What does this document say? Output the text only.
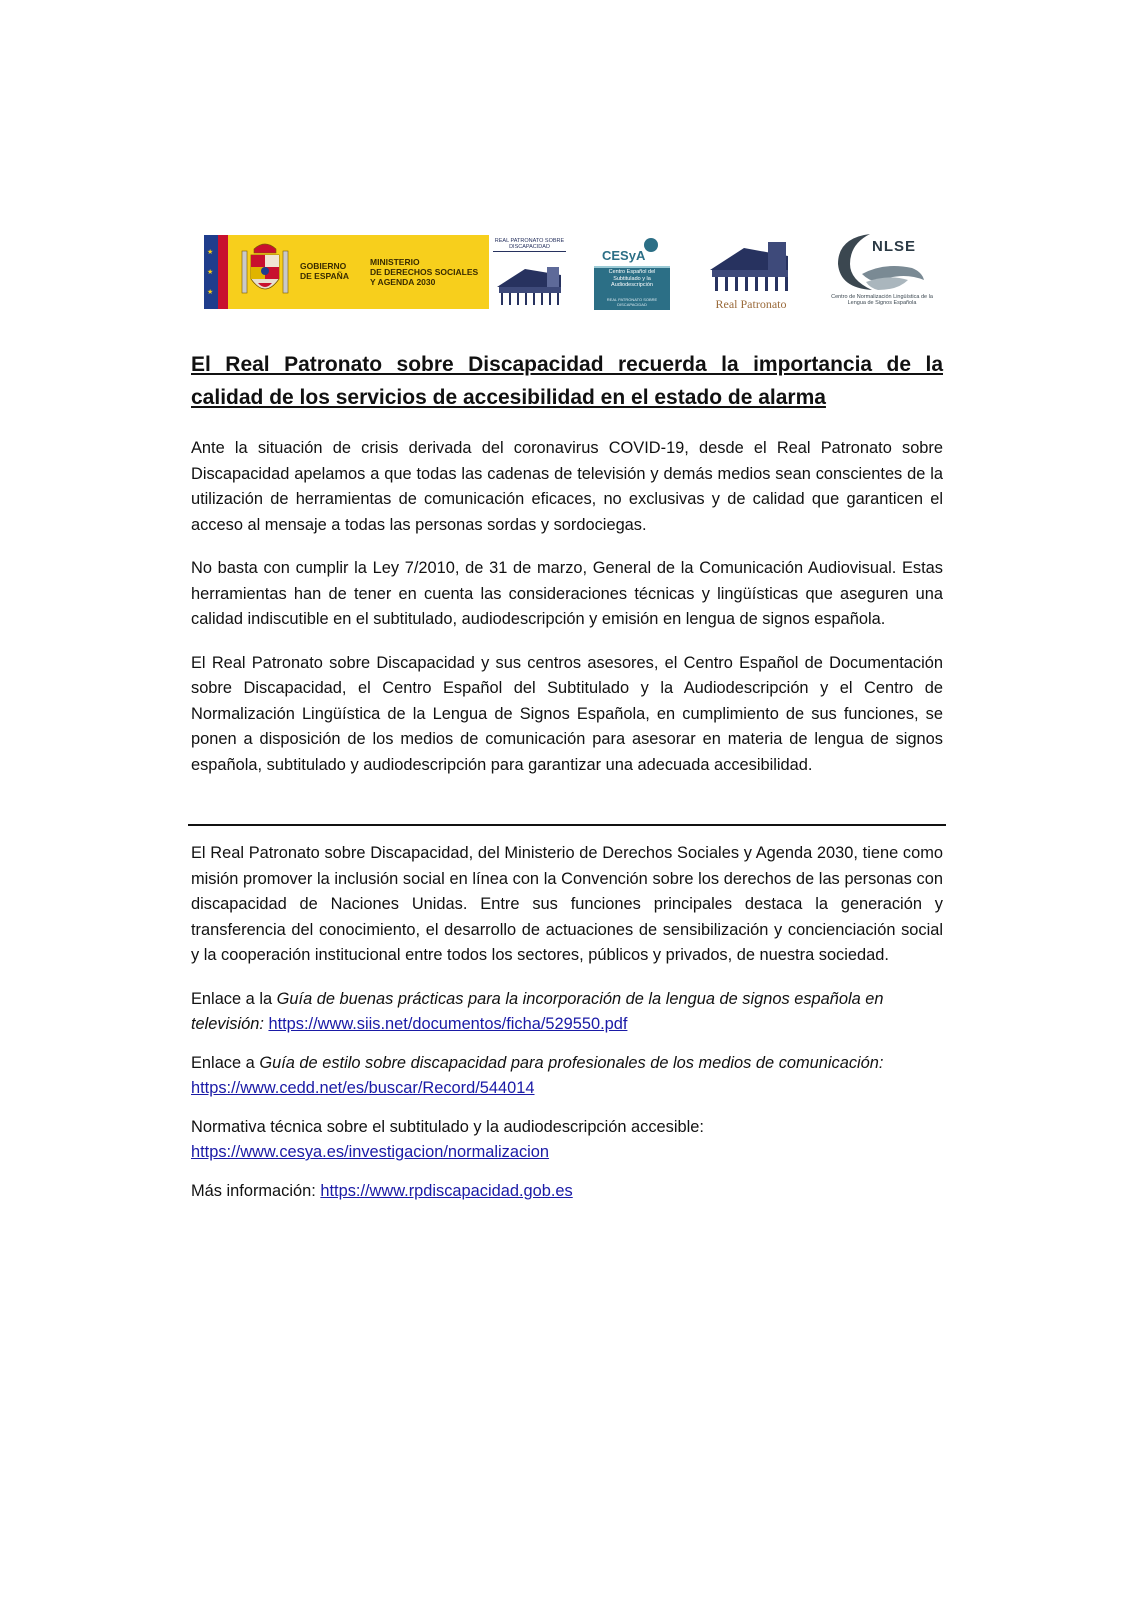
★
★
★
GOBIERNO
DE ESPAÑA
MINISTERIO
DE DERECHOS SOCIALES
Y AGENDA 2030
REAL PATRONATO SOBRE DISCAPACIDAD
CESyA
Centro Español del Subtitulado y la Audiodescripción
REAL PATRONATO SOBRE DISCAPACIDAD	Real Patronato
NLSE
Centro de Normalización Lingüística de la Lengua de Signos Española
El Real Patronato sobre Discapacidad recuerda la importancia de la calidad de los servicios de accesibilidad en el estado de alarma

Ante la situación de crisis derivada del coronavirus COVID-19, desde el Real Patronato sobre Discapacidad apelamos a que todas las cadenas de televisión y demás medios sean conscientes de la utilización de herramientas de comunicación eficaces, no exclusivas y de calidad que garanticen el acceso al mensaje a todas las personas sordas y sordociegas.

No basta con cumplir la Ley 7/2010, de 31 de marzo, General de la Comunicación Audiovisual. Estas herramientas han de tener en cuenta las consideraciones técnicas y lingüísticas que aseguren una calidad indiscutible en el subtitulado, audiodescripción y emisión en lengua de signos española.

El Real Patronato sobre Discapacidad y sus centros asesores, el Centro Español de Documentación sobre Discapacidad, el Centro Español del Subtitulado y la Audiodescripción y el Centro de Normalización Lingüística de la Lengua de Signos Española, en cumplimiento de sus funciones, se ponen a disposición de los medios de comunicación para asesorar en materia de lengua de signos española, subtitulado y audiodescripción para garantizar una adecuada accesibilidad.

El Real Patronato sobre Discapacidad, del Ministerio de Derechos Sociales y Agenda 2030, tiene como misión promover la inclusión social en línea con la Convención sobre los derechos de las personas con discapacidad de Naciones Unidas. Entre sus funciones principales destaca la generación y transferencia del conocimiento, el desarrollo de actuaciones de sensibilización y concienciación social y la cooperación institucional entre todos los sectores, públicos y privados, de nuestra sociedad.

Enlace a la Guía de buenas prácticas para la incorporación de la lengua de signos española en televisión: https://www.siis.net/documentos/ficha/529550.pdf

Enlace a Guía de estilo sobre discapacidad para profesionales de los medios de comunicación:
https://www.cedd.net/es/buscar/Record/544014

Normativa técnica sobre el subtitulado y la audiodescripción accesible:
https://www.cesya.es/investigacion/normalizacion

Más información: https://www.rpdiscapacidad.gob.es
